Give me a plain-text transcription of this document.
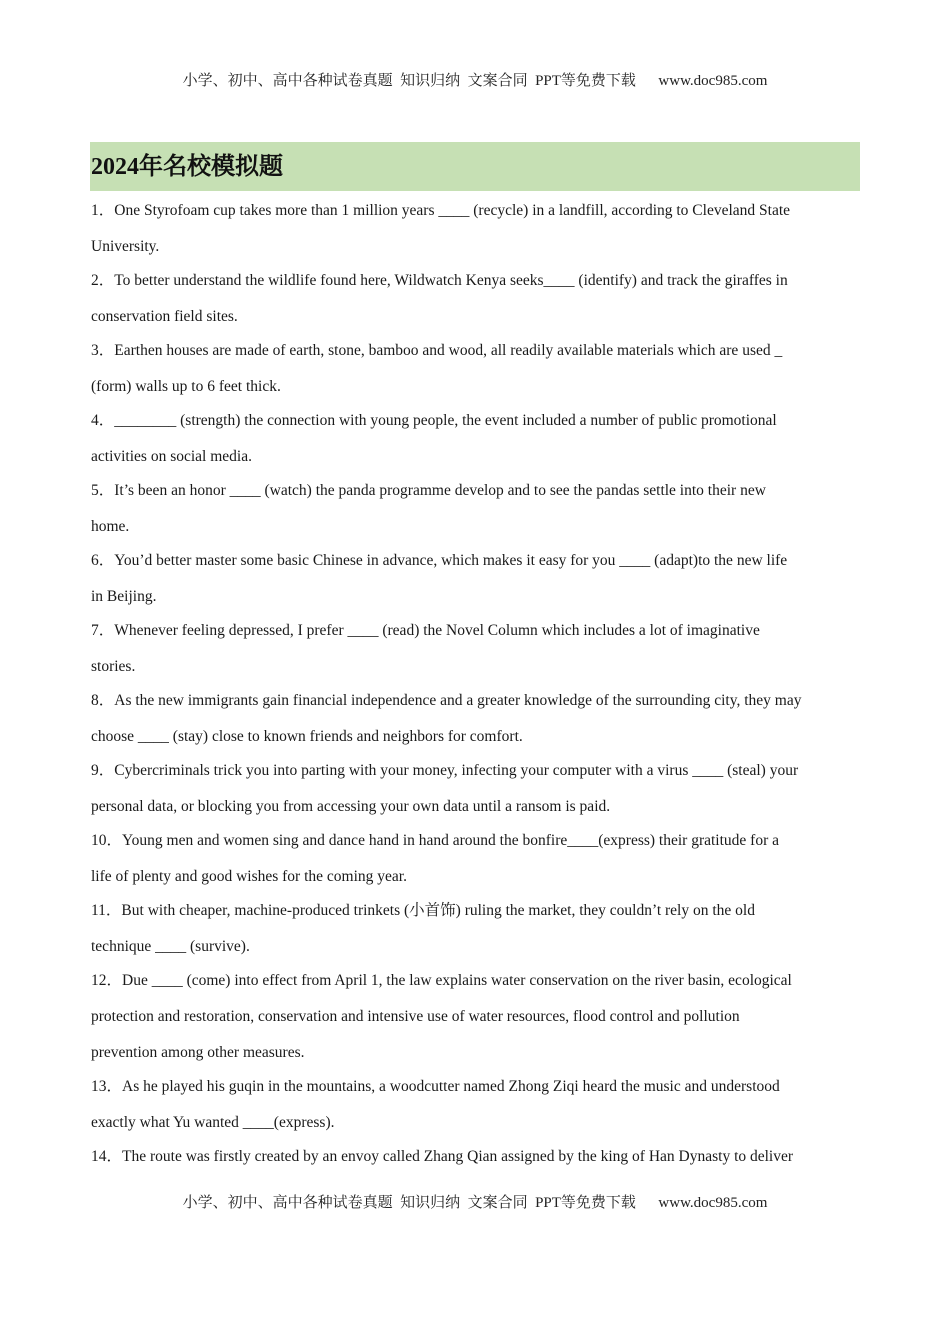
小学、初中、高中各种试卷真题  知识归纳  文案合同  PPT等免费下载      www.doc985.com
2024年名校模拟题
1．One Styrofoam cup takes more than 1 million years ____ (recycle) in a landfill, according to Cleveland State
University.
2．To better understand the wildlife found here, Wildwatch Kenya seeks____ (identify) and track the giraffes in
conservation field sites.
3．Earthen houses are made of earth, stone, bamboo and wood, all readily available materials which are used _
(form) walls up to 6 feet thick.
4．________ (strength) the connection with young people, the event included a number of public promotional
activities on social media.
5．It’s been an honor ____ (watch) the panda programme develop and to see the pandas settle into their new
home.
6．You’d better master some basic Chinese in advance, which makes it easy for you ____ (adapt)to the new life
in Beijing.
7．Whenever feeling depressed, I prefer ____ (read) the Novel Column which includes a lot of imaginative
stories.
8．As the new immigrants gain financial independence and a greater knowledge of the surrounding city, they may
choose ____ (stay) close to known friends and neighbors for comfort.
9．Cybercriminals trick you into parting with your money, infecting your computer with a virus ____ (steal) your
personal data, or blocking you from accessing your own data until a ransom is paid.
10．Young men and women sing and dance hand in hand around the bonfire____(express) their gratitude for a
life of plenty and good wishes for the coming year.
11．But with cheaper, machine-produced trinkets (小首饰) ruling the market, they couldn’t rely on the old
technique ____ (survive).
12．Due ____ (come) into effect from April 1, the law explains water conservation on the river basin, ecological
protection and restoration, conservation and intensive use of water resources, flood control and pollution
prevention among other measures.
13．As he played his guqin in the mountains, a woodcutter named Zhong Ziqi heard the music and understood
exactly what Yu wanted ____(express).
14．The route was firstly created by an envoy called Zhang Qian assigned by the king of Han Dynasty to deliver
小学、初中、高中各种试卷真题  知识归纳  文案合同  PPT等免费下载      www.doc985.com
